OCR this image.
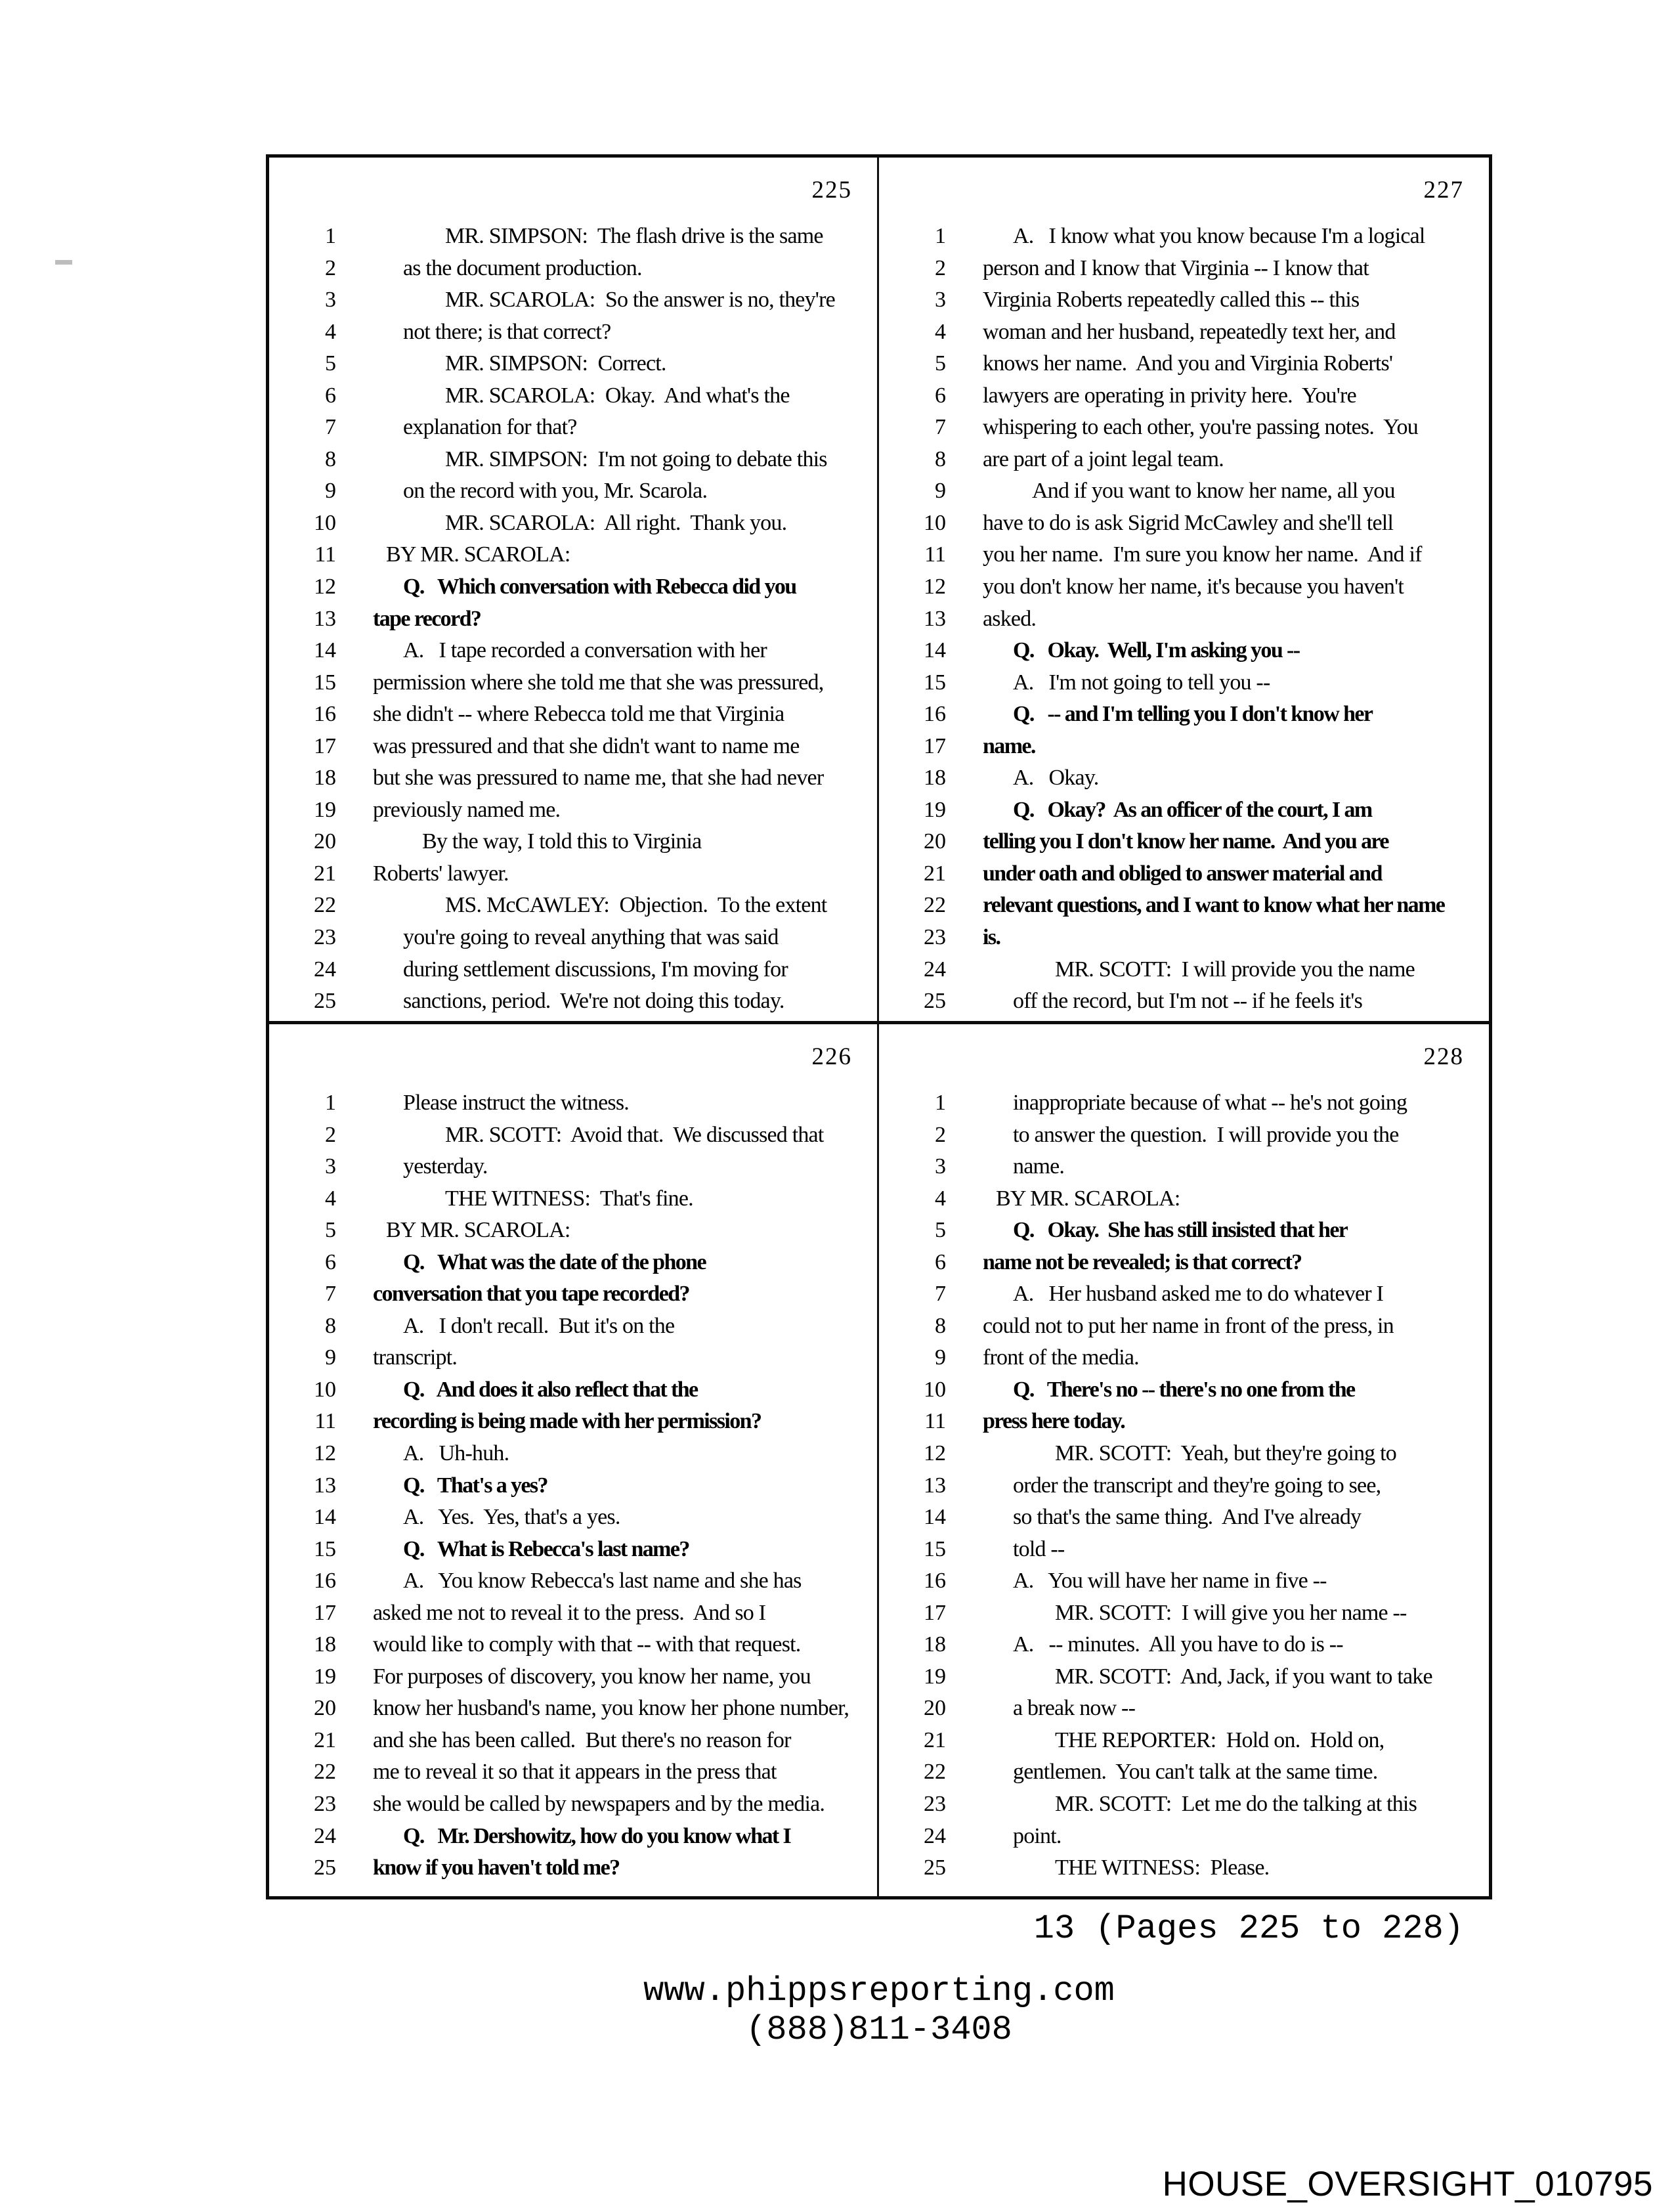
225
1	MR. SIMPSON:  The flash drive is the same
2	as the document production.
3	MR. SCAROLA:  So the answer is no, they're
4	not there; is that correct?
5	MR. SIMPSON:  Correct.
6	MR. SCAROLA:  Okay.  And what's the
7	explanation for that?
8	MR. SIMPSON:  I'm not going to debate this
9	on the record with you, Mr. Scarola.
10	MR. SCAROLA:  All right.  Thank you.
11 BY MR. SCAROLA:
12	Q.   Which conversation with Rebecca did you
13 tape record?
14	A.   I tape recorded a conversation with her
15 permission where she told me that she was pressured,
16 she didn't -- where Rebecca told me that Virginia
17 was pressured and that she didn't want to name me
18 but she was pressured to name me, that she had never
19 previously named me.
20	By the way, I told this to Virginia
21 Roberts' lawyer.
22	MS. McCAWLEY:  Objection.  To the extent
23	you're going to reveal anything that was said
24	during settlement discussions, I'm moving for
25	sanctions, period.  We're not doing this today.
227
1	A.   I know what you know because I'm a logical
2 person and I know that Virginia -- I know that
3 Virginia Roberts repeatedly called this -- this
4 woman and her husband, repeatedly text her, and
5 knows her name.  And you and Virginia Roberts'
6 lawyers are operating in privity here.  You're
7 whispering to each other, you're passing notes.  You
8 are part of a joint legal team.
9	And if you want to know her name, all you
10 have to do is ask Sigrid McCawley and she'll tell
11 you her name.  I'm sure you know her name.  And if
12 you don't know her name, it's because you haven't
13 asked.
14	Q.   Okay.  Well, I'm asking you --
15	A.   I'm not going to tell you --
16	Q.   -- and I'm telling you I don't know her
17 name.
18	A.   Okay.
19	Q.   Okay?  As an officer of the court, I am
20 telling you I don't know her name.  And you are
21 under oath and obliged to answer material and
22 relevant questions, and I want to know what her name
23 is.
24	MR. SCOTT:  I will provide you the name
25	off the record, but I'm not -- if he feels it's
226
1	Please instruct the witness.
2	MR. SCOTT:  Avoid that.  We discussed that
3	yesterday.
4	THE WITNESS:  That's fine.
5 BY MR. SCAROLA:
6	Q.   What was the date of the phone
7 conversation that you tape recorded?
8	A.   I don't recall.  But it's on the
9 transcript.
10	Q.   And does it also reflect that the
11 recording is being made with her permission?
12	A.   Uh-huh.
13	Q.   That's a yes?
14	A.   Yes.  Yes, that's a yes.
15	Q.   What is Rebecca's last name?
16	A.   You know Rebecca's last name and she has
17 asked me not to reveal it to the press.  And so I
18 would like to comply with that -- with that request.
19 For purposes of discovery, you know her name, you
20 know her husband's name, you know her phone number,
21 and she has been called.  But there's no reason for
22 me to reveal it so that it appears in the press that
23 she would be called by newspapers and by the media.
24	Q.   Mr. Dershowitz, how do you know what I
25 know if you haven't told me?
228
1	inappropriate because of what -- he's not going
2	to answer the question.  I will provide you the
3	name.
4 BY MR. SCAROLA:
5	Q.   Okay.  She has still insisted that her
6 name not be revealed; is that correct?
7	A.   Her husband asked me to do whatever I
8 could not to put her name in front of the press, in
9 front of the media.
10	Q.   There's no -- there's no one from the
11 press here today.
12	MR. SCOTT:  Yeah, but they're going to
13	order the transcript and they're going to see,
14	so that's the same thing.  And I've already
15	told --
16	A.   You will have her name in five --
17	MR. SCOTT:  I will give you her name --
18	A.   -- minutes.  All you have to do is --
19	MR. SCOTT:  And, Jack, if you want to take
20	a break now --
21	THE REPORTER:  Hold on.  Hold on,
22	gentlemen.  You can't talk at the same time.
23	MR. SCOTT:  Let me do the talking at this
24	point.
25	THE WITNESS:  Please.
13 (Pages 225 to 228)
www.phippsreporting.com
(888)811-3408
HOUSE_OVERSIGHT_010795
